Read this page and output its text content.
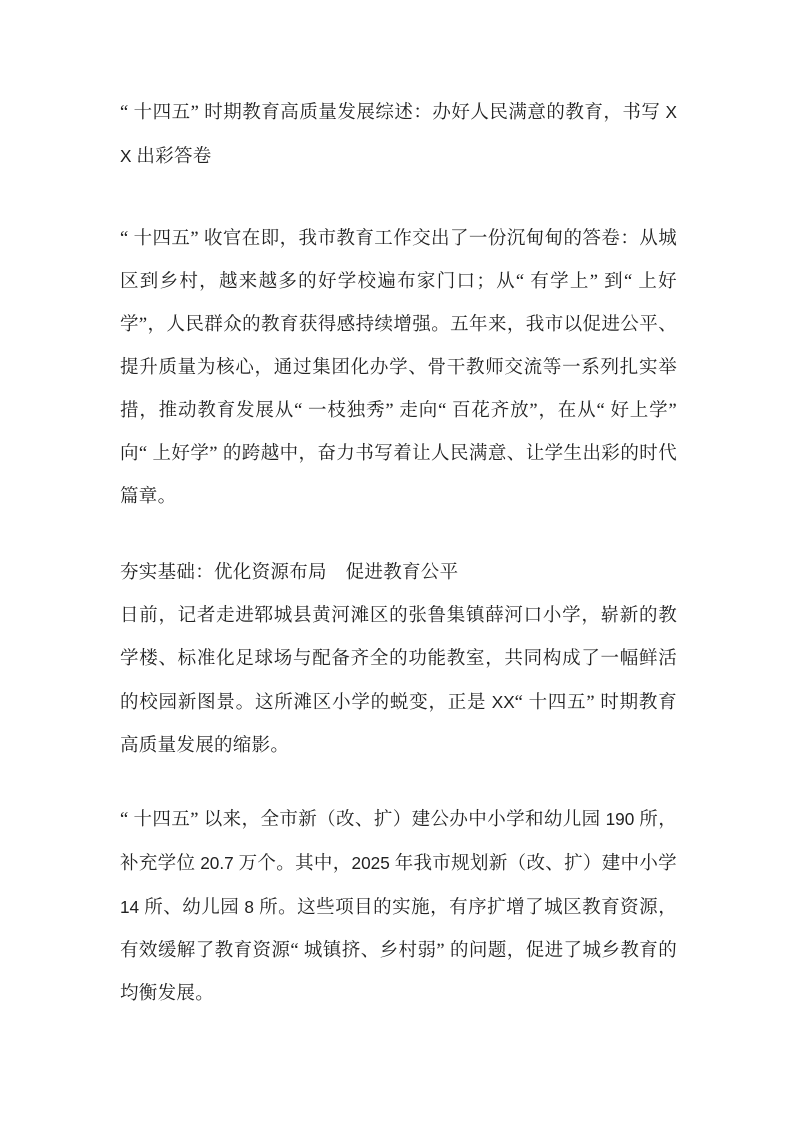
“ 十四五” 时期教育高质量发展综述：办好人民满意的教育，书写 XX 出彩答卷
“ 十四五” 收官在即，我市教育工作交出了一份沉甸甸的答卷：从城区到乡村，越来越多的好学校遍布家门口；从“ 有学上” 到“ 上好学”，人民群众的教育获得感持续增强。五年来，我市以促进公平、提升质量为核心，通过集团化办学、骨干教师交流等一系列扎实举措，推动教育发展从“ 一枝独秀” 走向“ 百花齐放”，在从“ 好上学” 向“ 上好学” 的跨越中，奋力书写着让人民满意、让学生出彩的时代篇章。
夯实基础：优化资源布局　促进教育公平
日前，记者走进郓城县黄河滩区的张鲁集镇薛河口小学，崭新的教学楼、标准化足球场与配备齐全的功能教室，共同构成了一幅鲜活的校园新图景。这所滩区小学的蜕变，正是 XX“ 十四五” 时期教育高质量发展的缩影。
“ 十四五” 以来，全市新（改、扩）建公办中小学和幼儿园 190 所，补充学位 20.7 万个。其中，2025 年我市规划新（改、扩）建中小学 14 所、幼儿园 8 所。这些项目的实施，有序扩增了城区教育资源，有效缓解了教育资源“ 城镇挤、乡村弱” 的问题，促进了城乡教育的均衡发展。
